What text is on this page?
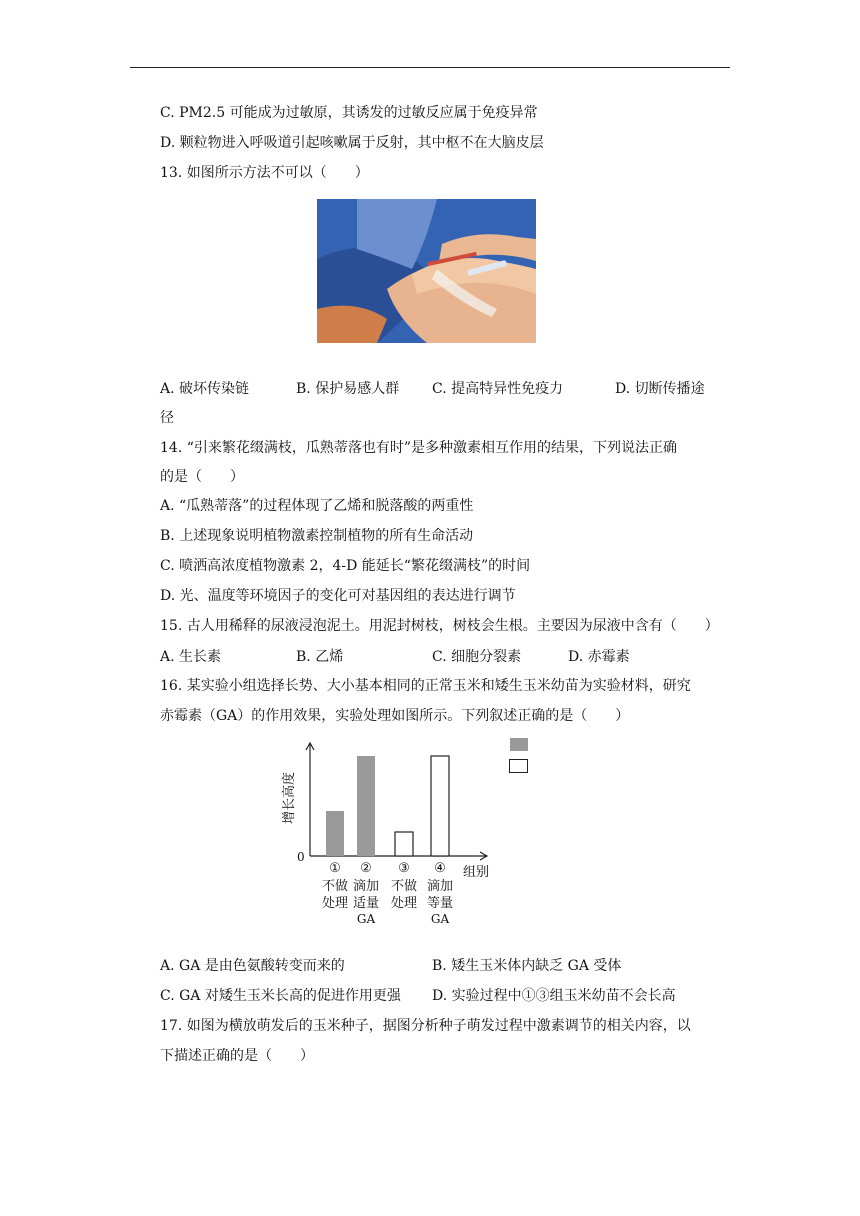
C. PM2.5 可能成为过敏原，其诱发的过敏反应属于免疫异常
D. 颗粒物进入呼吸道引起咳嗽属于反射，其中枢不在大脑皮层
13. 如图所示方法不可以（　　）
A. 破坏传染链	B. 保护易感人群 C. 提高特异性免疫力	D. 切断传播途
径
14. “引来繁花缀满枝，瓜熟蒂落也有时”是多种激素相互作用的结果，下列说法正确
的是（　　）
A. “瓜熟蒂落”的过程体现了乙烯和脱落酸的两重性
B. 上述现象说明植物激素控制植物的所有生命活动
C. 喷洒高浓度植物激素 2，4-D 能延长“繁花缀满枝”的时间
D. 光、温度等环境因子的变化可对基因组的表达进行调节
15. 古人用稀释的尿液浸泡泥土。用泥封树枝，树枝会生根。主要因为尿液中含有（　　）
A. 生长素	B. 乙烯	C. 细胞分裂素	D. 赤霉素
16. 某实验小组选择长势、大小基本相同的正常玉米和矮生玉米幼苗为实验材料，研究
赤霉素（GA）的作用效果，实验处理如图所示。下列叙述正确的是（　　）
增长高度
0
组别
①
不做
处理
②
滴加
适量
GA
③
不做
处理
④
滴加
等量
GA
A. GA 是由色氨酸转变而来的	B. 矮生玉米体内缺乏 GA 受体
C. GA 对矮生玉米长高的促进作用更强 D. 实验过程中①③组玉米幼苗不会长高
17. 如图为横放萌发后的玉米种子，据图分析种子萌发过程中激素调节的相关内容，以
下描述正确的是（　　）
